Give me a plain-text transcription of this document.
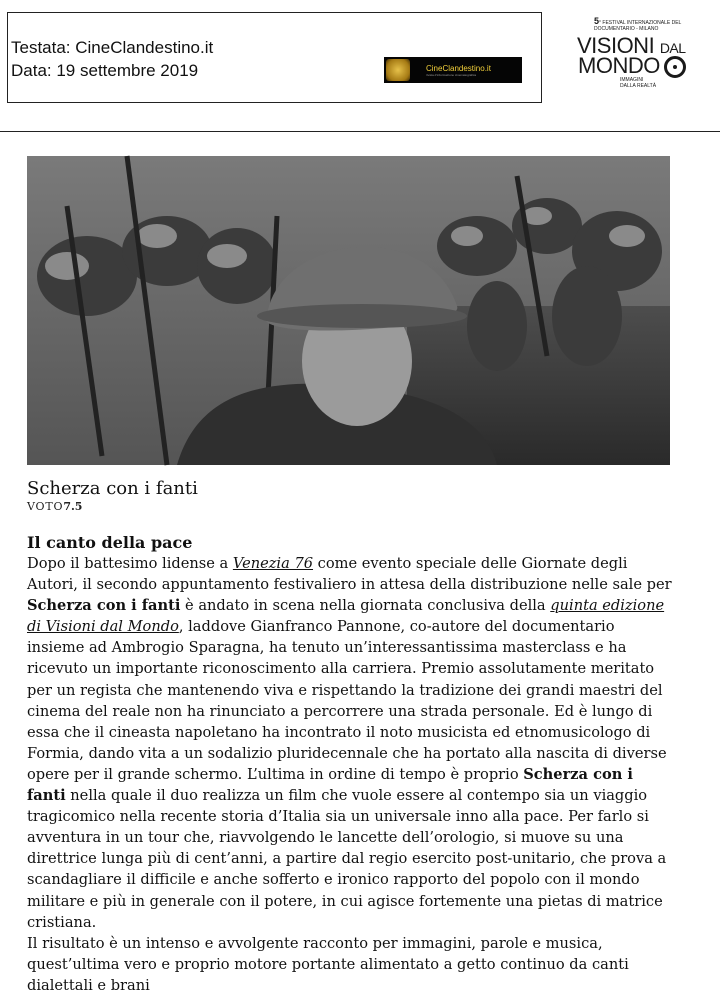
Testata: CineClandestino.it
Data: 19 settembre 2019	CineClandestino.it
rivista d'informazione cinematografica
5° FESTIVAL INTERNAZIONALE DEL DOCUMENTARIO - MILANO
VISIONI DAL
MONDO
IMMAGINI
DALLA REALTÀ
Scherza con i fanti
VOTO7.5
Il canto della pace

Dopo il battesimo lidense a Venezia 76 come evento speciale delle Giornate degli Autori, il secondo appuntamento festivaliero in attesa della distribuzione nelle sale per Scherza con i fanti è andato in scena nella giornata conclusiva della quinta edizione di Visioni dal Mondo, laddove Gianfranco Pannone, co-autore del documentario insieme ad Ambrogio Sparagna, ha tenuto un’interessantissima masterclass e ha ricevuto un importante riconoscimento alla carriera. Premio assolutamente meritato per un regista che mantenendo viva e rispettando la tradizione dei grandi maestri del cinema del reale non ha rinunciato a percorrere una strada personale. Ed è lungo di essa che il cineasta napoletano ha incontrato il noto musicista ed etnomusicologo di Formia, dando vita a un sodalizio pluridecennale che ha portato alla nascita di diverse opere per il grande schermo. L’ultima in ordine di tempo è proprio Scherza con i fanti nella quale il duo realizza un film che vuole essere al contempo sia un viaggio tragicomico nella recente storia d’Italia sia un universale inno alla pace. Per farlo si avventura in un tour che, riavvolgendo le lancette dell’orologio, si muove su una direttrice lunga più di cent’anni, a partire dal regio esercito post-unitario, che prova a scandagliare il difficile e anche sofferto e ironico rapporto del popolo con il mondo militare e più in generale con il potere, in cui agisce fortemente una pietas di matrice cristiana.

Il risultato è un intenso e avvolgente racconto per immagini, parole e musica, quest’ultima vero e proprio motore portante alimentato a getto continuo da canti dialettali e brani
